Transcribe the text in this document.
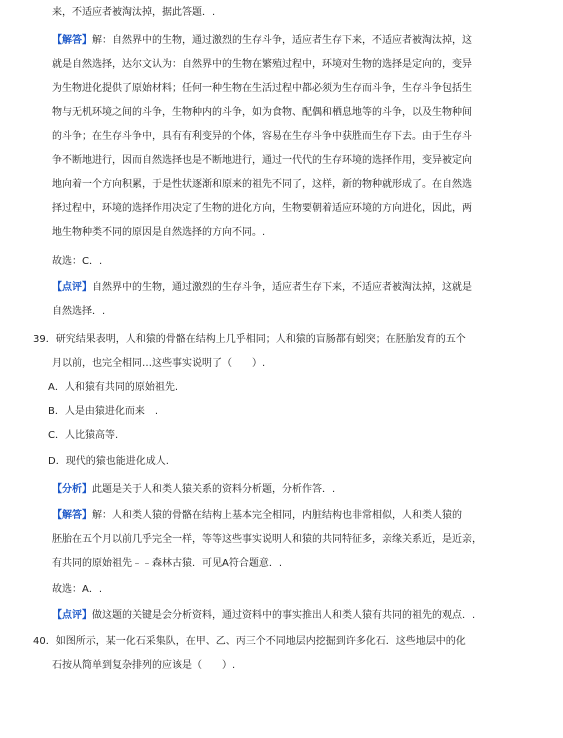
来，不适应者被淘汰掉，据此答题．.
【解答】解：自然界中的生物，通过激烈的生存斗争，适应者生存下来，不适应者被淘汰掉，这
就是自然选择，达尔文认为：自然界中的生物在繁殖过程中，环境对生物的选择是定向的，变异
为生物进化提供了原始材料；任何一种生物在生活过程中都必须为生存而斗争，生存斗争包括生
物与无机环境之间的斗争，生物种内的斗争，如为食物、配偶和栖息地等的斗争，以及生物种间
的斗争；在生存斗争中，具有有利变异的个体，容易在生存斗争中获胜而生存下去。由于生存斗
争不断地进行，因而自然选择也是不断地进行，通过一代代的生存环境的选择作用，变异被定向
地向着一个方向积累，于是性状逐渐和原来的祖先不同了，这样，新的物种就形成了。在自然选
择过程中，环境的选择作用决定了生物的进化方向，生物要朝着适应环境的方向进化，因此，两
地生物种类不同的原因是自然选择的方向不同。.
故选：C．.
【点评】自然界中的生物，通过激烈的生存斗争，适应者生存下来，不适应者被淘汰掉，这就是
自然选择．.
39．研究结果表明，人和猿的骨骼在结构上几乎相同；人和猿的盲肠都有蚓突；在胚胎发育的五个
月以前，也完全相同…这些事实说明了（　　）.
A．人和猿有共同的原始祖先.
B．人是由猿进化而来　.
C．人比猿高等.
D．现代的猿也能进化成人.
【分析】此题是关于人和类人猿关系的资料分析题，分析作答．.
【解答】解：人和类人猿的骨骼在结构上基本完全相同，内脏结构也非常相似，人和类人猿的
胚胎在五个月以前几乎完全一样，等等这些事实说明人和猿的共同特征多，亲缘关系近，是近亲，
有共同的原始祖先﹣﹣森林古猿．可见A符合题意．.
故选：A．.
【点评】做这题的关键是会分析资料，通过资料中的事实推出人和类人猿有共同的祖先的观点．.
40．如图所示，某一化石采集队，在甲、乙、丙三个不同地层内挖掘到许多化石．这些地层中的化
石按从简单到复杂排列的应该是（　　）.
